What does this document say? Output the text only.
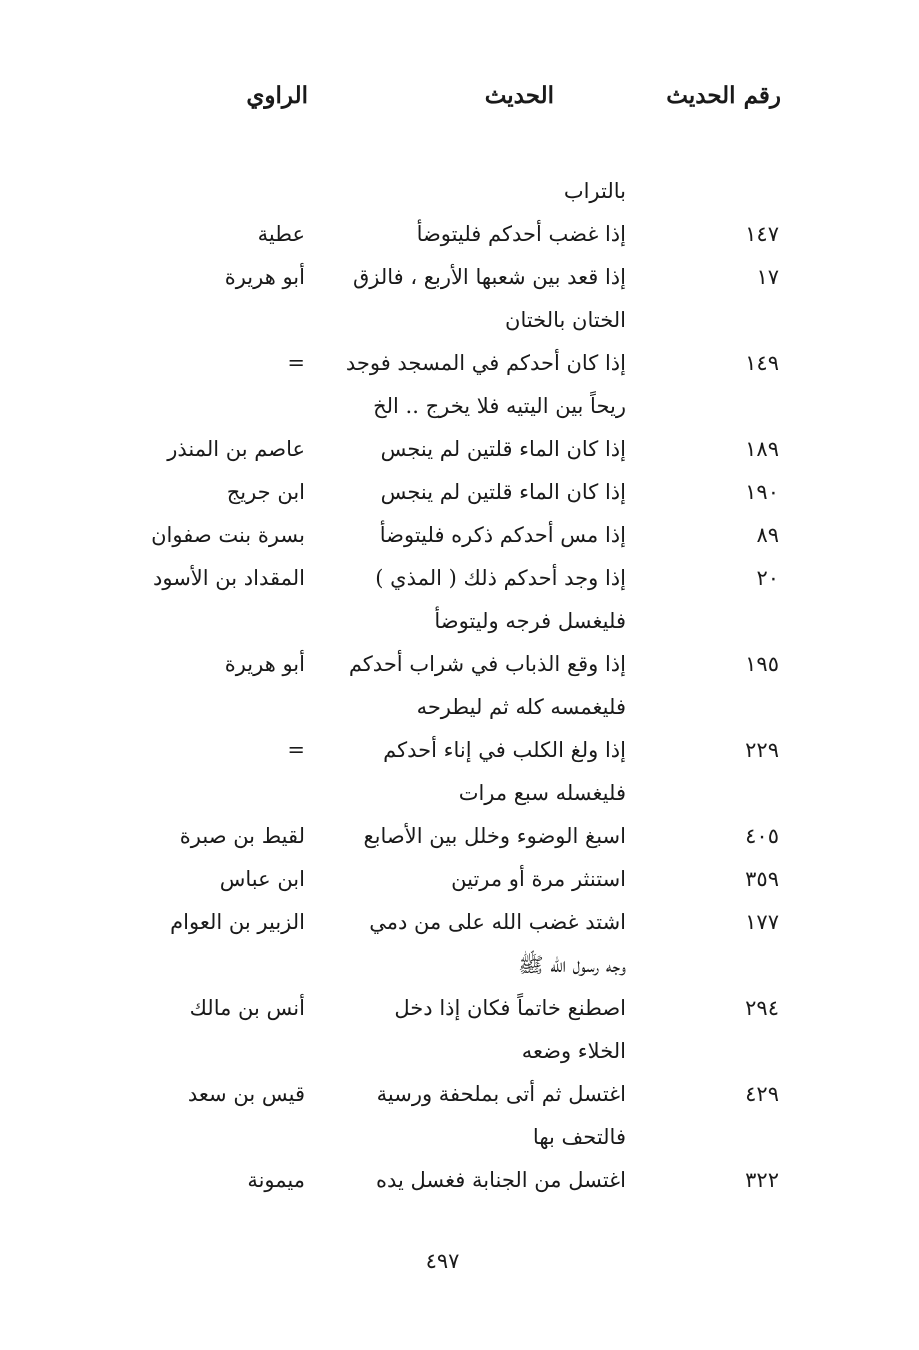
رقم الحديث
الحديث
الراوي
بالتراب
١٤٧
إذا غضب أحدكم فليتوضأ
عطية
١٧
إذا قعد بين شعبها الأربع ، فالزق
أبو هريرة
الختان بالختان
١٤٩
إذا كان أحدكم في المسجد فوجد
=
ريحاً بين اليتيه فلا يخرج .. الخ
١٨٩
إذا كان الماء قلتين لم ينجس
عاصم بن المنذر
١٩٠
إذا كان الماء قلتين لم ينجس
ابن جريج
٨٩
إذا مس أحدكم ذكره فليتوضأ
بسرة بنت صفوان
٢٠
إذا وجد أحدكم ذلك ( المذي )
المقداد بن الأسود
فليغسل فرجه وليتوضأ
١٩٥
إذا وقع الذباب في شراب أحدكم
أبو هريرة
فليغمسه كله ثم ليطرحه
٢٢٩
إذا ولغ الكلب في إناء أحدكم
=
فليغسله سبع مرات
٤٠٥
اسبغ الوضوء وخلل بين الأصابع
لقيط بن صبرة
٣٥٩
استنثر مرة أو مرتين
ابن عباس
١٧٧
اشتد غضب الله على من دمي
الزبير بن العوام
وجه رسول الله ﷺ
٢٩٤
اصطنع خاتماً فكان إذا دخل
أنس بن مالك
الخلاء وضعه
٤٢٩
اغتسل ثم أتى بملحفة ورسية
قيس بن سعد
فالتحف بها
٣٢٢
اغتسل من الجنابة فغسل يده
ميمونة
٤٩٧
